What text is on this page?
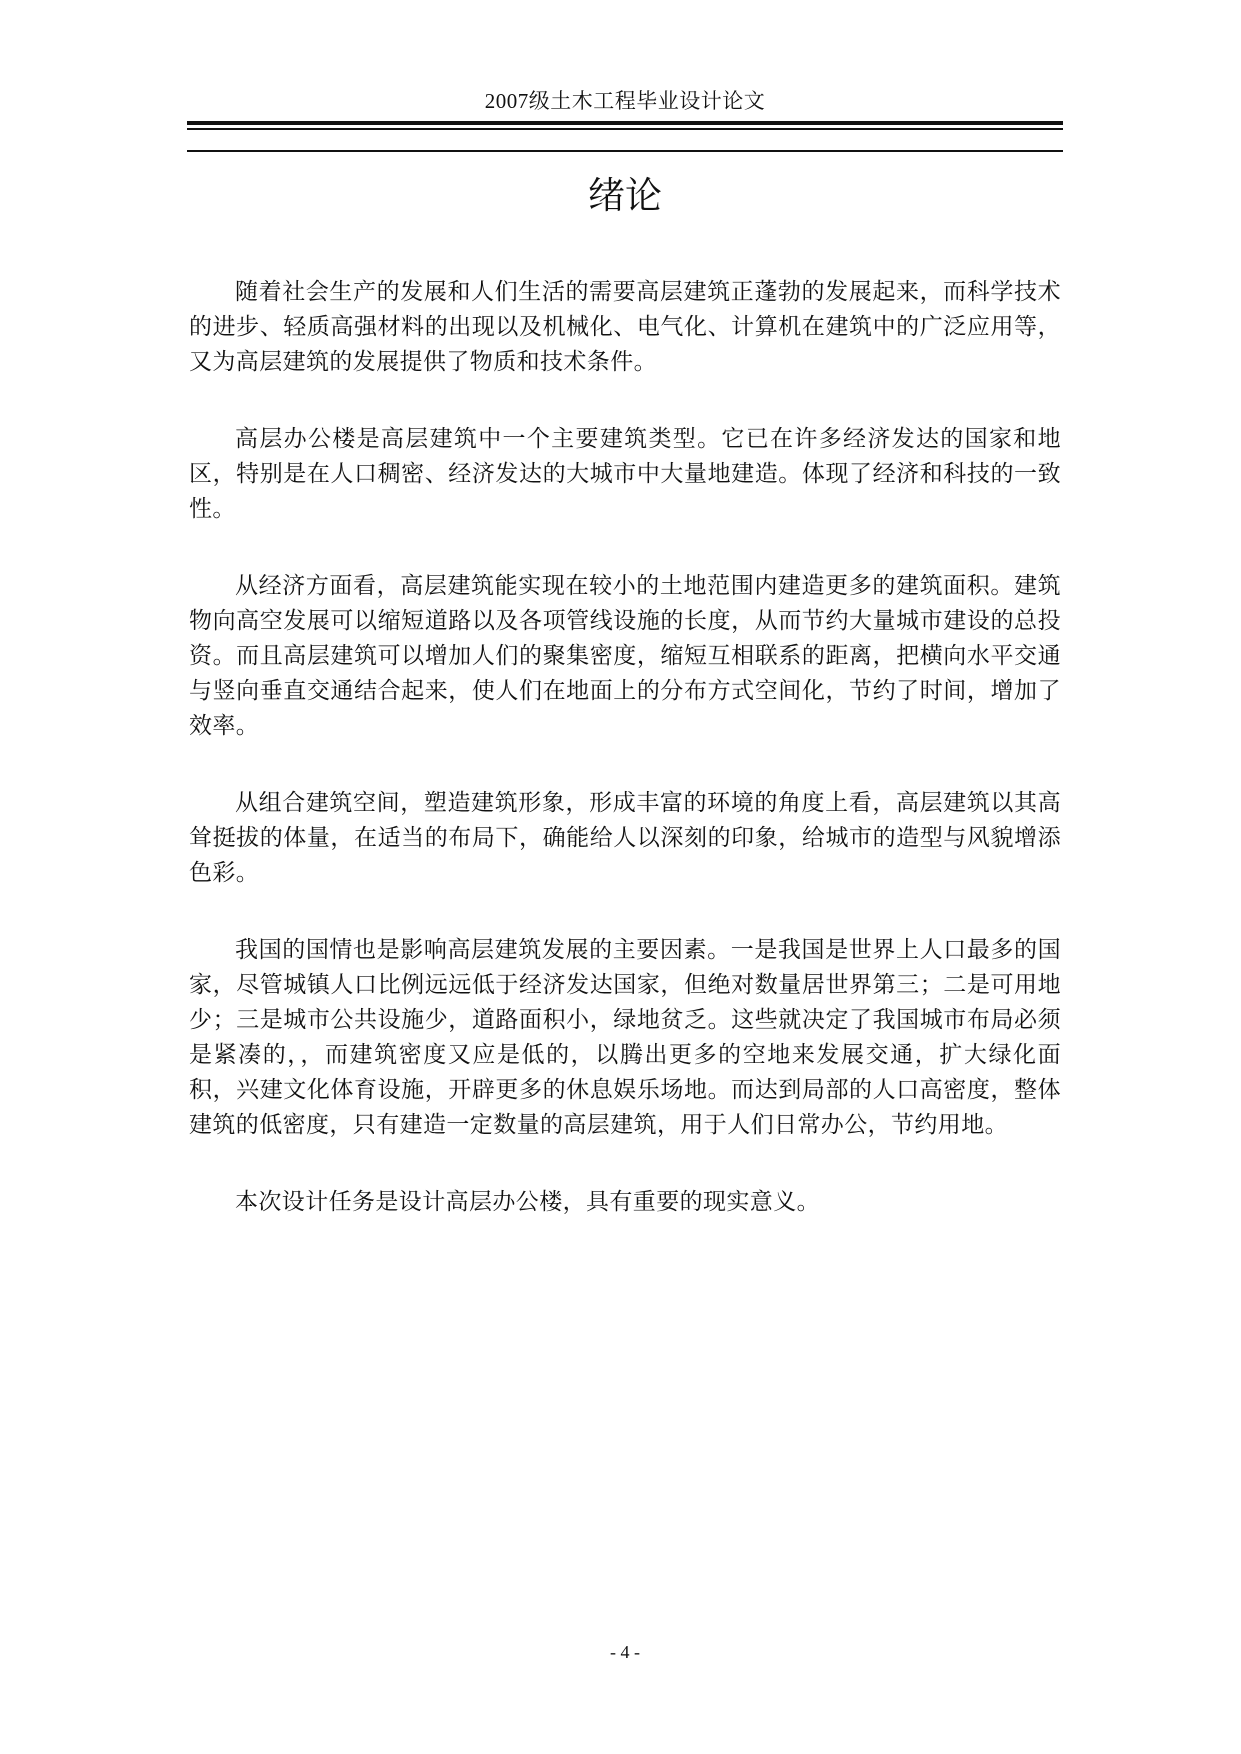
2007级土木工程毕业设计论文
绪论

随着社会生产的发展和人们生活的需要高层建筑正蓬勃的发展起来，而科学技术的进步、轻质高强材料的出现以及机械化、电气化、计算机在建筑中的广泛应用等，又为高层建筑的发展提供了物质和技术条件。

高层办公楼是高层建筑中一个主要建筑类型。它已在许多经济发达的国家和地区，特别是在人口稠密、经济发达的大城市中大量地建造。体现了经济和科技的一致性。

从经济方面看，高层建筑能实现在较小的土地范围内建造更多的建筑面积。建筑物向高空发展可以缩短道路以及各项管线设施的长度，从而节约大量城市建设的总投资。而且高层建筑可以增加人们的聚集密度，缩短互相联系的距离，把横向水平交通与竖向垂直交通结合起来，使人们在地面上的分布方式空间化，节约了时间，增加了效率。

从组合建筑空间，塑造建筑形象，形成丰富的环境的角度上看，高层建筑以其高耸挺拔的体量，在适当的布局下，确能给人以深刻的印象，给城市的造型与风貌增添色彩。

我国的国情也是影响高层建筑发展的主要因素。一是我国是世界上人口最多的国家，尽管城镇人口比例远远低于经济发达国家，但绝对数量居世界第三；二是可用地少；三是城市公共设施少，道路面积小，绿地贫乏。这些就决定了我国城市布局必须是紧凑的，，而建筑密度又应是低的，以腾出更多的空地来发展交通，扩大绿化面积，兴建文化体育设施，开辟更多的休息娱乐场地。而达到局部的人口高密度，整体建筑的低密度，只有建造一定数量的高层建筑，用于人们日常办公，节约用地。

本次设计任务是设计高层办公楼，具有重要的现实意义。

- 4 -
